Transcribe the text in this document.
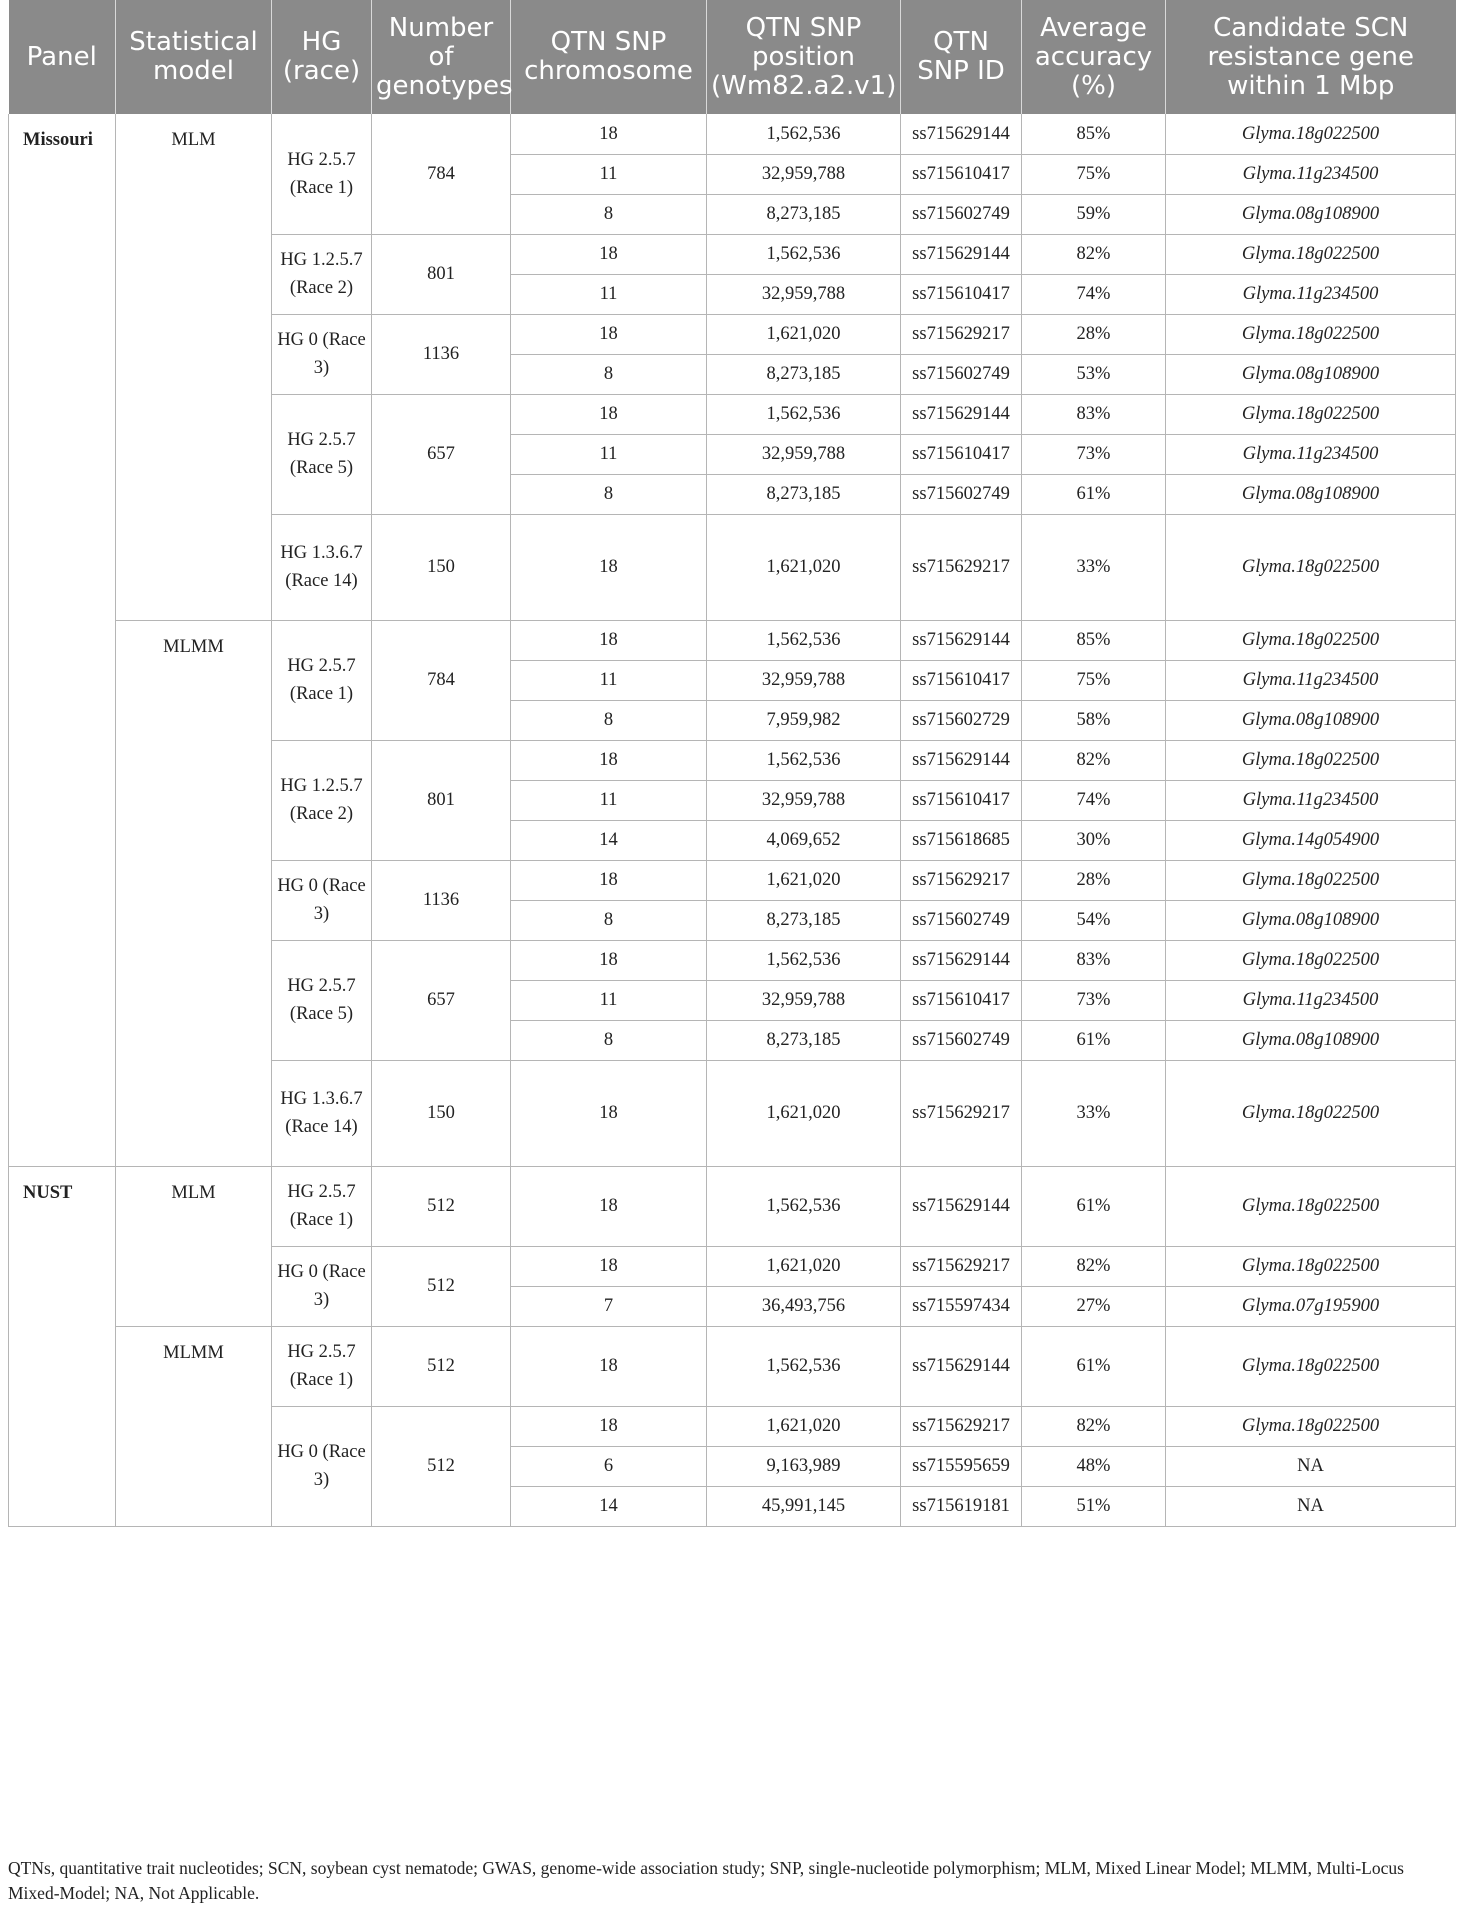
Panel	Statistical model	HG (race)	Number of genotypes	QTN SNP chromosome	QTN SNP position (Wm82.a2.v1)	QTN SNP ID	Average accuracy (%)	Candidate SCN resistance gene within 1 Mbp
Missouri	MLM	HG 2.5.7 (Race 1)	784	18	1,562,536	ss715629144	85%	Glyma.18g022500
				11	32,959,788	ss715610417	75%	Glyma.11g234500
				8	8,273,185	ss715602749	59%	Glyma.08g108900
		HG 1.2.5.7 (Race 2)	801	18	1,562,536	ss715629144	82%	Glyma.18g022500
				11	32,959,788	ss715610417	74%	Glyma.11g234500
		HG 0 (Race 3)	1136	18	1,621,020	ss715629217	28%	Glyma.18g022500
				8	8,273,185	ss715602749	53%	Glyma.08g108900
		HG 2.5.7 (Race 5)	657	18	1,562,536	ss715629144	83%	Glyma.18g022500
				11	32,959,788	ss715610417	73%	Glyma.11g234500
				8	8,273,185	ss715602749	61%	Glyma.08g108900
		HG 1.3.6.7 (Race 14)	150	18	1,621,020	ss715629217	33%	Glyma.18g022500
	MLMM	HG 2.5.7 (Race 1)	784	18	1,562,536	ss715629144	85%	Glyma.18g022500
				11	32,959,788	ss715610417	75%	Glyma.11g234500
				8	7,959,982	ss715602729	58%	Glyma.08g108900
		HG 1.2.5.7 (Race 2)	801	18	1,562,536	ss715629144	82%	Glyma.18g022500
				11	32,959,788	ss715610417	74%	Glyma.11g234500
				14	4,069,652	ss715618685	30%	Glyma.14g054900
		HG 0 (Race 3)	1136	18	1,621,020	ss715629217	28%	Glyma.18g022500
				8	8,273,185	ss715602749	54%	Glyma.08g108900
		HG 2.5.7 (Race 5)	657	18	1,562,536	ss715629144	83%	Glyma.18g022500
				11	32,959,788	ss715610417	73%	Glyma.11g234500
				8	8,273,185	ss715602749	61%	Glyma.08g108900
		HG 1.3.6.7 (Race 14)	150	18	1,621,020	ss715629217	33%	Glyma.18g022500
NUST	MLM	HG 2.5.7 (Race 1)	512	18	1,562,536	ss715629144	61%	Glyma.18g022500
		HG 0 (Race 3)	512	18	1,621,020	ss715629217	82%	Glyma.18g022500
				7	36,493,756	ss715597434	27%	Glyma.07g195900
	MLMM	HG 2.5.7 (Race 1)	512	18	1,562,536	ss715629144	61%	Glyma.18g022500
		HG 0 (Race 3)	512	18	1,621,020	ss715629217	82%	Glyma.18g022500
				6	9,163,989	ss715595659	48%	NA
				14	45,991,145	ss715619181	51%	NA
QTNs, quantitative trait nucleotides; SCN, soybean cyst nematode; GWAS, genome-wide association study; SNP, single-nucleotide polymorphism; MLM, Mixed Linear Model; MLMM, Multi-Locus Mixed-Model; NA, Not Applicable.
